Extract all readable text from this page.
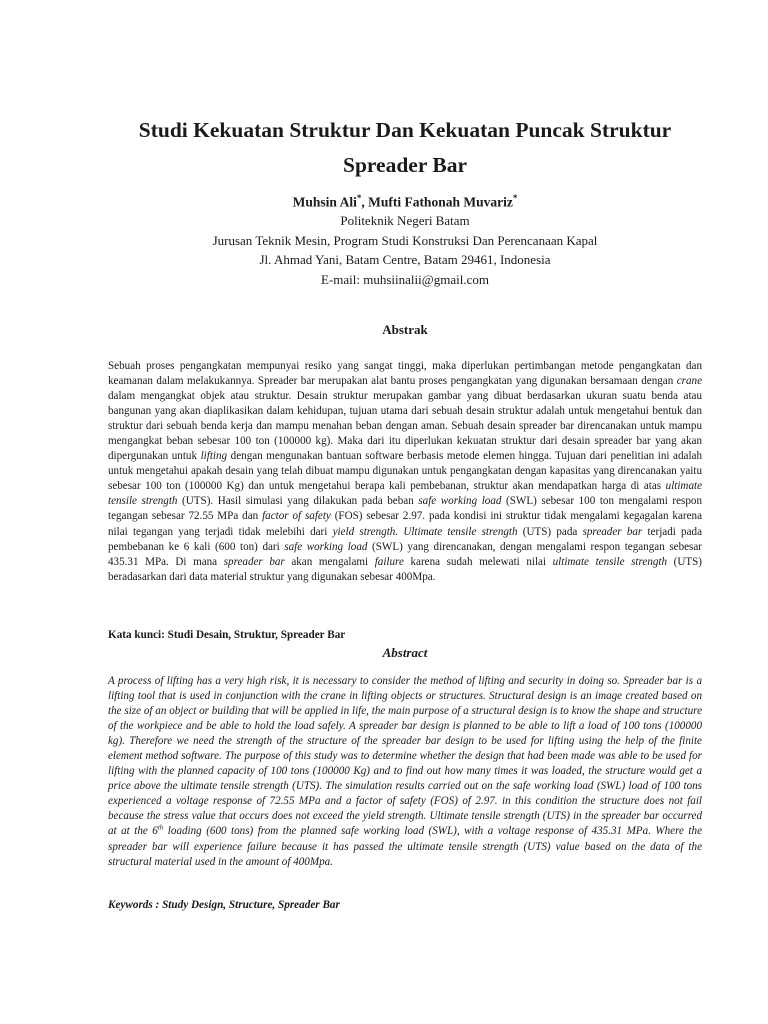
Studi Kekuatan Struktur Dan Kekuatan Puncak Struktur
Spreader Bar
Muhsin Ali*, Mufti Fathonah Muvariz*
Politeknik Negeri Batam
Jurusan Teknik Mesin, Program Studi Konstruksi Dan Perencanaan Kapal
Jl. Ahmad Yani, Batam Centre, Batam 29461, Indonesia
E-mail: muhsiinalii@gmail.com
Abstrak
Sebuah proses pengangkatan mempunyai resiko yang sangat tinggi, maka diperlukan pertimbangan metode pengangkatan dan keamanan dalam melakukannya. Spreader bar merupakan alat bantu proses pengangkatan yang digunakan bersamaan dengan crane dalam mengangkat objek atau struktur. Desain struktur merupakan gambar yang dibuat berdasarkan ukuran suatu benda atau bangunan yang akan diaplikasikan dalam kehidupan, tujuan utama dari sebuah desain struktur adalah untuk mengetahui bentuk dan struktur dari sebuah benda kerja dan mampu menahan beban dengan aman. Sebuah desain spreader bar direncanakan untuk mampu mengangkat beban sebesar 100 ton (100000 kg). Maka dari itu diperlukan kekuatan struktur dari desain spreader bar yang akan dipergunakan untuk lifting dengan mengunakan bantuan software berbasis metode elemen hingga. Tujuan dari penelitian ini adalah untuk mengetahui apakah desain yang telah dibuat mampu digunakan untuk pengangkatan dengan kapasitas yang direncanakan yaitu sebesar 100 ton (100000 Kg) dan untuk mengetahui berapa kali pembebanan, struktur akan mendapatkan harga di atas ultimate tensile strength (UTS). Hasil simulasi yang dilakukan pada beban safe working load (SWL) sebesar 100 ton mengalami respon tegangan sebesar 72.55 MPa dan factor of safety (FOS) sebesar 2.97. pada kondisi ini struktur tidak mengalami kegagalan karena nilai tegangan yang terjadi tidak melebihi dari yield strength. Ultimate tensile strength (UTS) pada spreader bar terjadi pada pembebanan ke 6 kali (600 ton) dari safe working load (SWL) yang direncanakan, dengan mengalami respon tegangan sebesar 435.31 MPa. Di mana spreader bar akan mengalami failure karena sudah melewati nilai ultimate tensile strength (UTS) beradasarkan dari data material struktur yang digunakan sebesar 400Mpa.
Kata kunci: Studi Desain, Struktur, Spreader Bar
Abstract
A process of lifting has a very high risk, it is necessary to consider the method of lifting and security in doing so. Spreader bar is a lifting tool that is used in conjunction with the crane in lifting objects or structures. Structural design is an image created based on the size of an object or building that will be applied in life, the main purpose of a structural design is to know the shape and structure of the workpiece and be able to hold the load safely. A spreader bar design is planned to be able to lift a load of 100 tons (100000 kg). Therefore we need the strength of the structure of the spreader bar design to be used for lifting using the help of the finite element method software. The purpose of this study was to determine whether the design that had been made was able to be used for lifting with the planned capacity of 100 tons (100000 Kg) and to find out how many times it was loaded, the structure would get a price above the ultimate tensile strength (UTS). The simulation results carried out on the safe working load (SWL) load of 100 tons experienced a voltage response of 72.55 MPa and a factor of safety (FOS) of 2.97. in this condition the structure does not fail because the stress value that occurs does not exceed the yield strength. Ultimate tensile strength (UTS) in the spreader bar occurred at at the 6th loading (600 tons) from the planned safe working load (SWL), with a voltage response of 435.31 MPa. Where the spreader bar will experience failure because it has passed the ultimate tensile strength (UTS) value based on the data of the structural material used in the amount of 400Mpa.
Keywords : Study Design, Structure, Spreader Bar
